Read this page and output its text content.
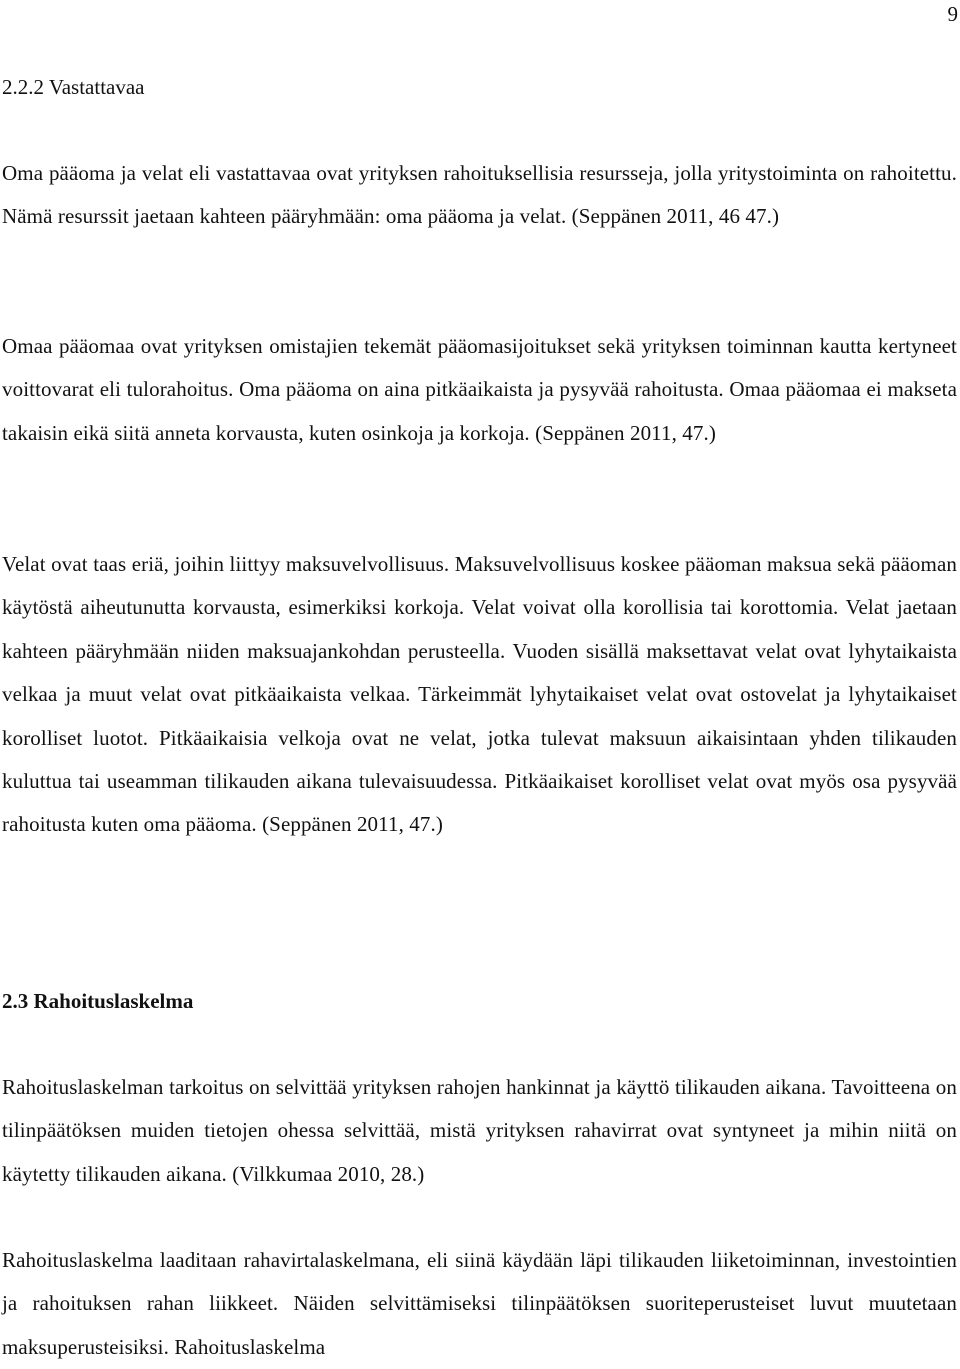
9
2.2.2 Vastattavaa

Oma pääoma ja velat eli vastattavaa ovat yrityksen rahoituksellisia resursseja, jolla yritystoiminta on rahoitettu. Nämä resurssit jaetaan kahteen pääryhmään: oma pääoma ja velat. (Seppänen 2011, 46 47.)

Omaa pääomaa ovat yrityksen omistajien tekemät pääomasijoitukset sekä yrityksen toiminnan kautta kertyneet voittovarat eli tulorahoitus. Oma pääoma on aina pitkäaikaista ja pysyvää rahoitusta. Omaa pääomaa ei makseta takaisin eikä siitä anneta korvausta, kuten osinkoja ja korkoja. (Seppänen 2011, 47.)

Velat ovat taas eriä, joihin liittyy maksuvelvollisuus. Maksuvelvollisuus koskee pääoman maksua sekä pääoman käytöstä aiheutunutta korvausta, esimerkiksi korkoja. Velat voivat olla korollisia tai korottomia. Velat jaetaan kahteen pääryhmään niiden maksuajankohdan perusteella. Vuoden sisällä maksettavat velat ovat lyhytaikaista velkaa ja muut velat ovat pitkäaikaista velkaa. Tärkeimmät lyhytaikaiset velat ovat ostovelat ja lyhytaikaiset korolliset luotot. Pitkäaikaisia velkoja ovat ne velat, jotka tulevat maksuun aikaisintaan yhden tilikauden kuluttua tai useamman tilikauden aikana tulevaisuudessa. Pitkäaikaiset korolliset velat ovat myös osa pysyvää rahoitusta kuten oma pääoma. (Seppänen 2011, 47.)

2.3 Rahoituslaskelma

Rahoituslaskelman tarkoitus on selvittää yrityksen rahojen hankinnat ja käyttö tilikauden aikana. Tavoitteena on tilinpäätöksen muiden tietojen ohessa selvittää, mistä yrityksen rahavirrat ovat syntyneet ja mihin niitä on käytetty tilikauden aikana. (Vilkkumaa 2010, 28.)

Rahoituslaskelma laaditaan rahavirtalaskelmana, eli siinä käydään läpi tilikauden liiketoiminnan, investointien ja rahoituksen rahan liikkeet. Näiden selvittämiseksi tilinpäätöksen suoriteperusteiset luvut muutetaan maksuperusteisiksi. Rahoituslaskelma
